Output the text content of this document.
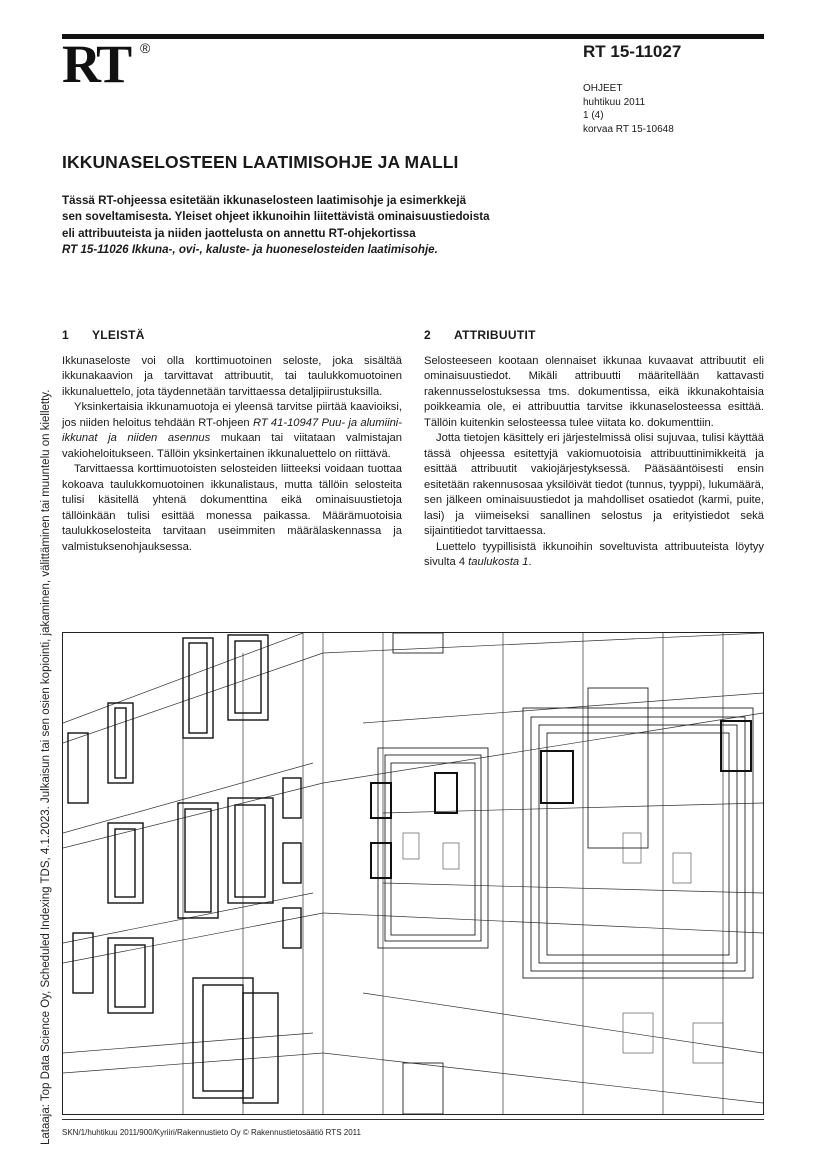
RT ®	RT 15-11027
OHJEET
huhtikuu 2011
1 (4)
korvaa RT 15-10648
IKKUNASELOSTEEN LAATIMISOHJE JA MALLI

Tässä RT-ohjeessa esitetään ikkunaselosteen laatimisohje ja esimerkkejä
sen soveltamisesta. Yleiset ohjeet ikkunoihin liitettävistä ominaisuustiedoista
eli attribuuteista ja niiden jaottelusta on annettu RT-ohjekortissa
RT 15-11026 Ikkuna-, ovi-, kaluste- ja huoneselosteiden laatimisohje.

1 YLEISTÄ

Ikkunaseloste voi olla korttimuotoinen seloste, joka sisältää ikkunakaavion ja tarvittavat attribuutit, tai taulukkomuotoinen ikkunaluettelo, jota täydennetään tarvittaessa detaljipiirustuksilla.

Yksinkertaisia ikkunamuotoja ei yleensä tarvitse piirtää kaavioiksi, jos niiden heloitus tehdään RT-ohjeen RT 41-10947 Puu- ja alumiini-ikkunat ja niiden asennus mukaan tai viitataan valmistajan vakioheloitukseen. Tällöin yksinkertainen ikkunaluettelo on riittävä.

Tarvittaessa korttimuotoisten selosteiden liitteeksi voidaan tuottaa kokoava taulukkomuotoinen ikkunalistaus, mutta tällöin selosteita tulisi käsitellä yhtenä dokumenttina eikä ominaisuustietoja tällöinkään tulisi esittää monessa paikassa. Määrämuotoisia taulukkoselosteita tarvitaan useimmiten määrälaskennassa ja valmistuksenohjauksessa.

2 ATTRIBUUTIT

Selosteeseen kootaan olennaiset ikkunaa kuvaavat attribuutit eli ominaisuustiedot. Mikäli attribuutti määritellään kattavasti rakennusselostuksessa tms. dokumentissa, eikä ikkunakohtaisia poikkeamia ole, ei attribuuttia tarvitse ikkunaselosteessa esittää. Tällöin kuitenkin selosteessa tulee viitata ko. dokumenttiin.

Jotta tietojen käsittely eri järjestelmissä olisi sujuvaa, tulisi käyttää tässä ohjeessa esitettyjä vakiomuotoisia attribuuttinimikkeitä ja esittää attribuutit vakiojärjestyksessä. Pääsääntöisesti ensin esitetään rakennusosaa yksilöivät tiedot (tunnus, tyyppi), lukumäärä, sen jälkeen ominaisuustiedot ja mahdolliset osatiedot (karmi, puite, lasi) ja viimeiseksi sanallinen selostus ja erityistiedot sekä sijaintitiedot tarvittaessa.

Luettelo tyypillisistä ikkunoihin soveltuvista attribuuteista löytyy sivulta 4 taulukosta 1.

Lataaja: Top Data Science Oy, Scheduled Indexing TDS, 4.1.2023. Julkaisun tai sen osien kopiointi, jakaminen, välittäminen tai muuntelu on kielletty. SKN/1/huhtikuu 2011/900/Kyriiri/Rakennustieto Oy © Rakennustietosäätiö RTS 2011
